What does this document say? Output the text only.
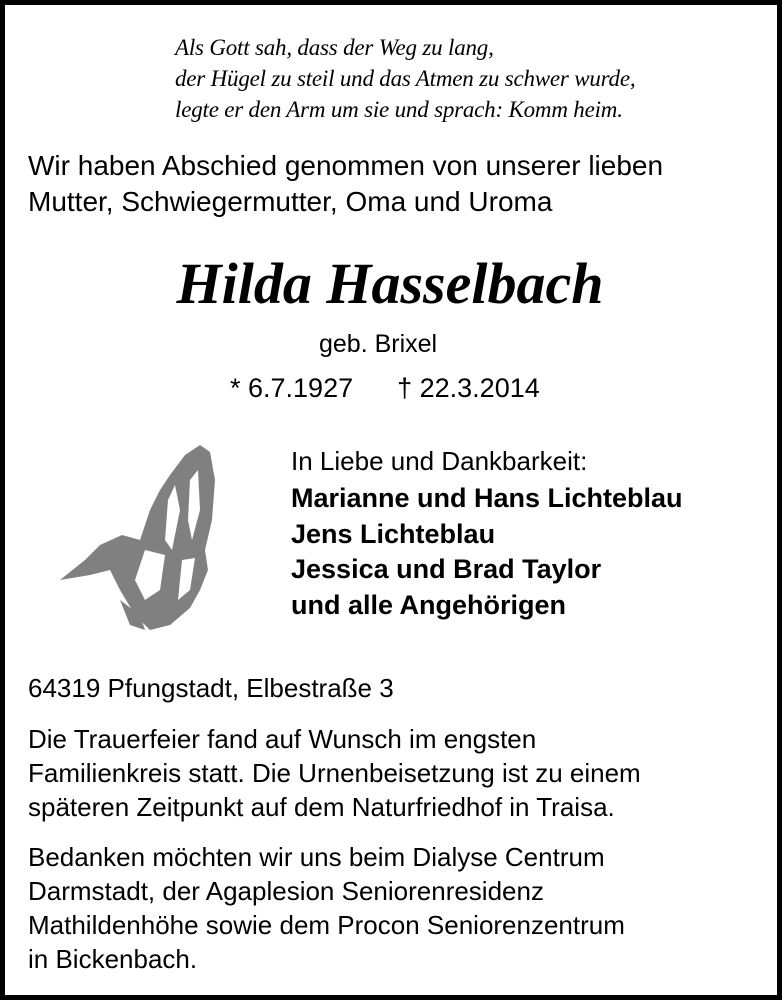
Als Gott sah, dass der Weg zu lang,
der Hügel zu steil und das Atmen zu schwer wurde,
legte er den Arm um sie und sprach: Komm heim.
Wir haben Abschied genommen von unserer lieben
Mutter, Schwiegermutter, Oma und Uroma
Hilda Hasselbach
geb. Brixel
* 6.7.1927 † 22.3.2014
In Liebe und Dankbarkeit:
Marianne und Hans Lichteblau
Jens Lichteblau
Jessica und Brad Taylor
und alle Angehörigen
64319 Pfungstadt, Elbestraße 3
Die Trauerfeier fand auf Wunsch im engsten
Familienkreis statt. Die Urnenbeisetzung ist zu einem
späteren Zeitpunkt auf dem Naturfriedhof in Traisa.
Bedanken möchten wir uns beim Dialyse Centrum
Darmstadt, der Agaplesion Seniorenresidenz
Mathildenhöhe sowie dem Procon Seniorenzentrum
in Bickenbach.
